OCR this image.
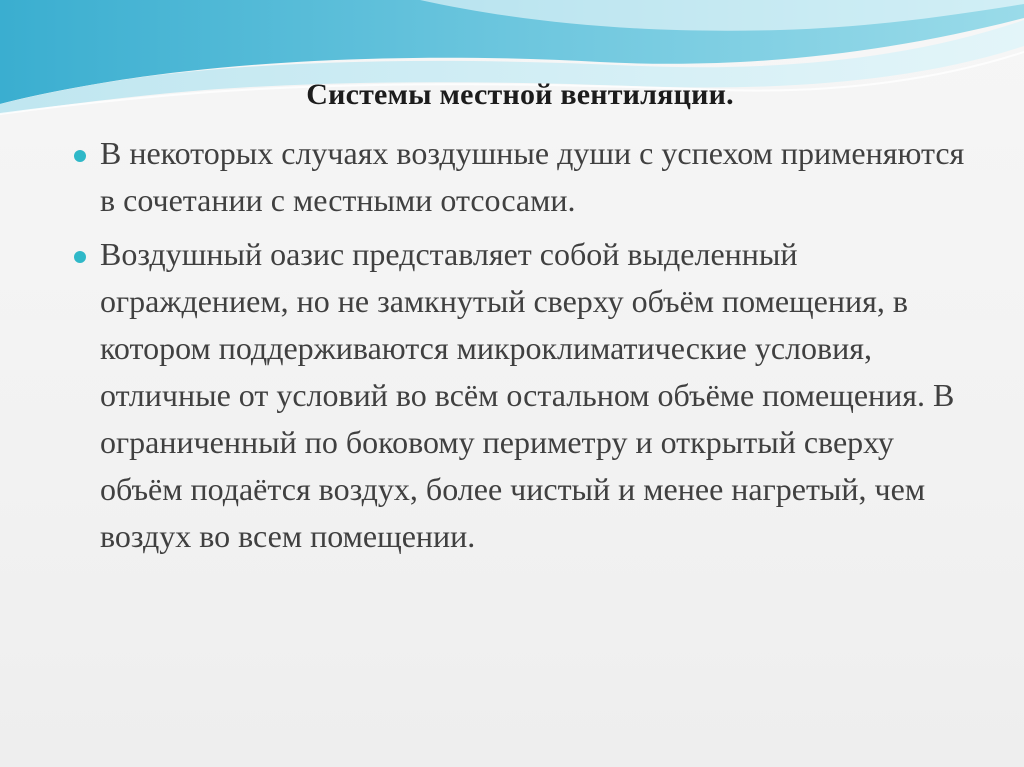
Системы местной вентиляции.
В некоторых случаях воздушные души с успехом применяются в сочетании с местными отсосами.
Воздушный оазис представляет собой выделенный ограждением, но не замкнутый сверху объём помещения, в котором поддерживаются микроклиматические условия, отличные от условий во всём остальном объёме помещения. В ограниченный по боковому периметру и открытый сверху объём подаётся воздух, более чистый и менее нагретый, чем воздух во всем помещении.
